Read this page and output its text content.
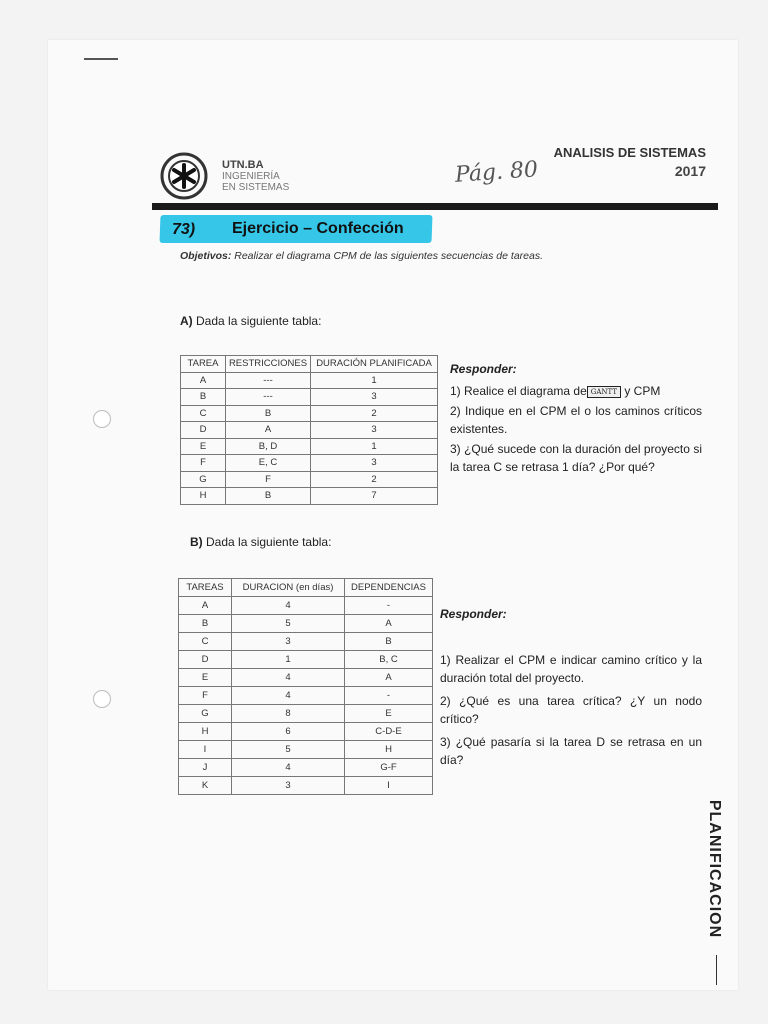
UTN.BA
INGENIERÍA
EN SISTEMAS	Pág. 80
ANALISIS DE SISTEMAS
2017
73) Ejercicio – Confección
Objetivos: Realizar el diagrama CPM de las siguientes secuencias de tareas.
A) Dada la siguiente tabla:
TAREA	RESTRICCIONES	DURACIÓN PLANIFICADA
A	---	1
B	---	3
C	B	2
D	A	3
E	B, D	1
F	E, C	3
G	F	2
H	B	7
Responder:
1) Realice el diagrama de GANTT y CPM
2) Indique en el CPM el o los caminos críticos existentes.
3) ¿Qué sucede con la duración del proyecto si la tarea C se retrasa 1 día? ¿Por qué?
B) Dada la siguiente tabla:
TAREAS	DURACION (en días)	DEPENDENCIAS
A	4	-
B	5	A
C	3	B
D	1	B, C
E	4	A
F	4	-
G	8	E
H	6	C-D-E
I	5	H
J	4	G-F
K	3	I
Responder:
1) Realizar el CPM e indicar camino crítico y la duración total del proyecto.
2) ¿Qué es una tarea crítica? ¿Y un nodo crítico?
3) ¿Qué pasaría si la tarea D se retrasa en un día?
PLANIFICACION
